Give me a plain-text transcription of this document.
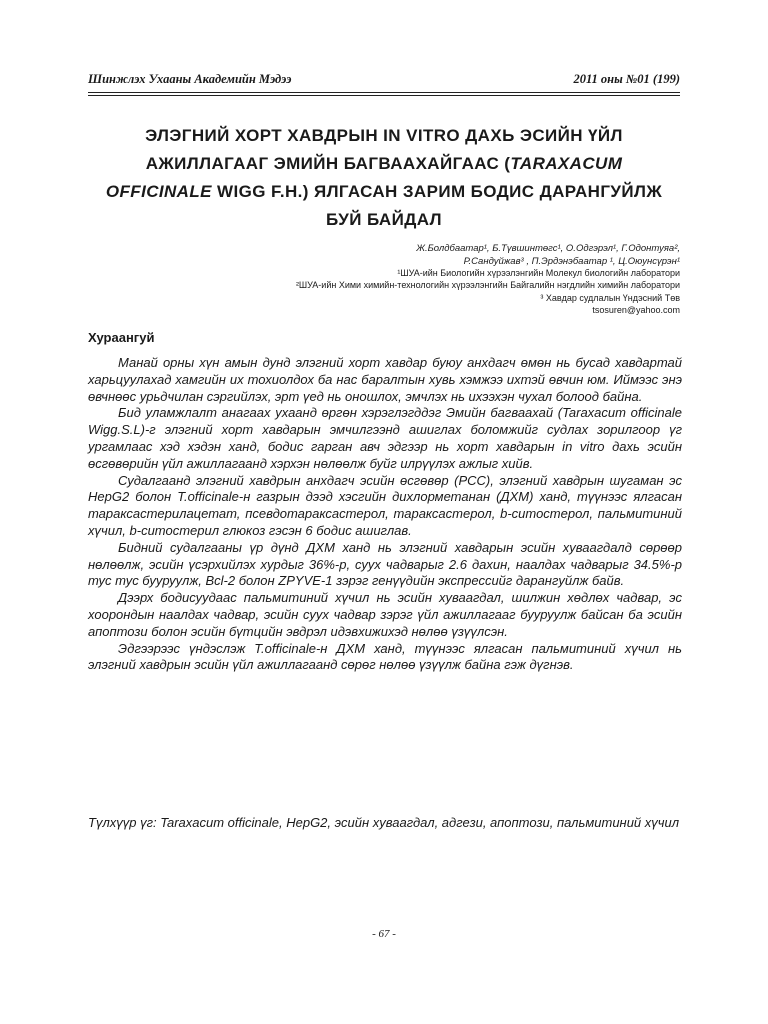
Шинжлэх Ухааны Академийн Мэдээ	2011 оны №01 (199)
ЭЛЭГНИЙ ХОРТ ХАВДРЫН IN VITRO ДАХЬ ЭСИЙН ҮЙЛ АЖИЛЛАГААГ ЭМИЙН БАГВААХАЙГААС (TARAXACUM OFFICINALE WIGG F.H.) ЯЛГАСАН ЗАРИМ БОДИС ДАРАНГУЙЛЖ БУЙ БАЙДАЛ
Ж.Болдбаатар¹, Б.Түвшинтөгс¹, О.Одгэрэл¹, Г.Одонтуяа²,
Р.Сандуйжав³ , П.Эрдэнэбаатар ¹, Ц.Оюунсүрэн¹
¹ШУА-ийн Биологийн хүрээлэнгийн Молекул биологийн лаборатори
²ШУА-ийн Хими химийн-технологийн хүрээлэнгийн Байгалийн нэгдлийн химийн лаборатори
³ Хавдар судлалын Үндэсний Төв
tsosuren@yahoo.com
Хураангуй

Манай орны хүн амын дунд элэгний хорт хавдар буюу анхдагч өмөн нь бусад хавдартай харьцуулахад хамгийн их тохиолдох ба нас баралтын хувь хэмжээ ихтэй өвчин юм. Иймээс энэ өвчнөөс урьдчилан сэргийлэх, эрт үед нь оношлох, эмчлэх нь ихээхэн чухал болоод байна.

Бид уламжлалт анагаах ухаанд өргөн хэрэглэгддэг Эмийн багваахай (Taraxacum officinale Wigg.S.L)-г элэгний хорт хавдарын эмчилгээнд ашиглах боломжийг судлах зорилгоор үг ургамлаас хэд хэдэн ханд, бодис гарган авч эдгээр нь хорт хавдарын in vitro дахь эсийн өсгөвөрийн үйл ажиллагаанд хэрхэн нөлөөлж буйг илрүүлэх ажлыг хийв.

Судалгаанд элэгний хавдрын анхдагч эсийн өсгөвөр (PCC), элэгний хавдрын шугаман эс HepG2 болон T.officinale-н газрын дээд хэсгийн дихлорметанан (ДХМ) ханд, түүнээс ялгасан тараксастерилацетат, псевдотараксастерол, тараксастерол, b-ситостерол, пальмитиний хүчил, b-ситостерил глюкоз гэсэн 6 бодис ашиглав.

Бидний судалгааны үр дүнд ДХМ ханд нь элэгний хавдарын эсийн хуваагдалд сөрөөр нөлөөлж, эсийн үсэрхийлэх хурдыг 36%-р, суух чадварыг 2.6 дахин, наалдах чадварыг 34.5%-р тус тус бууруулж, Bcl-2 болон ZPYVE-1 зэрэг генүүдийн экспрессийг дарангуйлж байв.

Дээрх бодисуудаас пальмитиний хүчил нь эсийн хуваагдал, шилжин хөдлөх чадвар, эс хоорондын наалдах чадвар, эсийн суух чадвар зэрэг үйл ажиллагааг бууруулж байсан ба эсийн апоптози болон эсийн бүтцийн эвдрэл идэвхижихэд нөлөө үзүүлсэн.

Эдгээрээс үндэслэж T.officinale-н ДХМ ханд, түүнээс ялгасан пальмитиний хүчил нь элэгний хавдрын эсийн үйл ажиллагаанд сөрөг нөлөө үзүүлж байна гэж дүгнэв.

Түлхүүр үг: Taraxacum officinale, HepG2, эсийн хуваагдал, адгези, апоптози, пальмитиний хүчил
- 67 -
